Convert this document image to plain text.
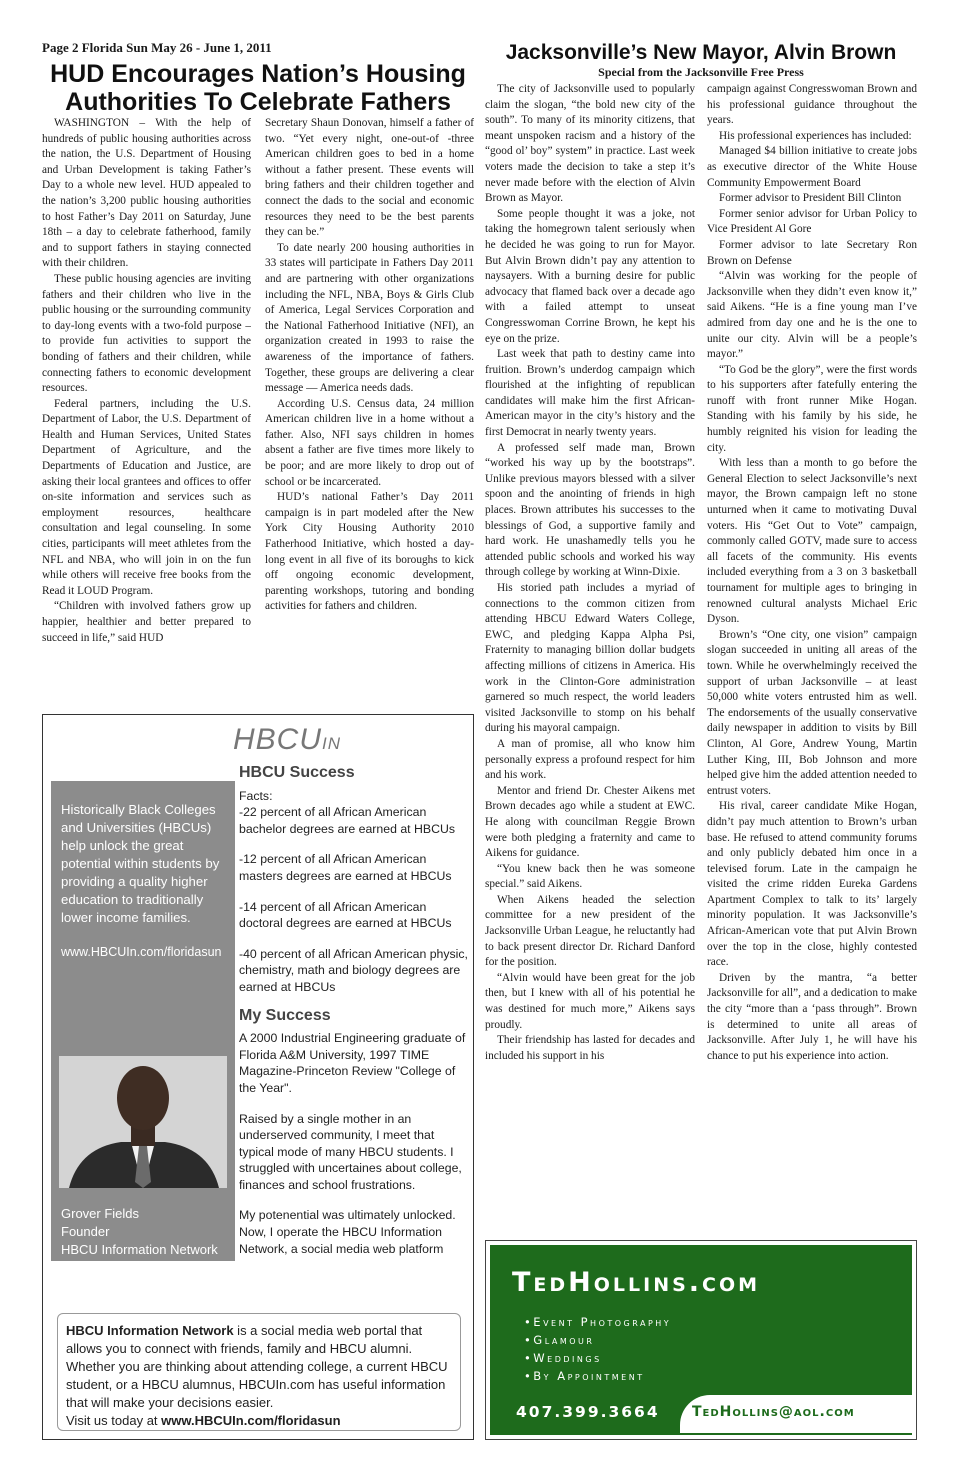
Page 2 Florida Sun May 26 - June 1, 2011
HUD Encourages Nation’s Housing Authorities To Celebrate Fathers

WASHINGTON – With the help of hundreds of public housing authorities across the nation, the U.S. Department of Housing and Urban Development is taking Father’s Day to a whole new level. HUD appealed to the nation’s 3,200 public housing authorities to host Father’s Day 2011 on Saturday, June 18th – a day to celebrate fatherhood, family and to support fathers in staying connected with their children.

These public housing agencies are inviting fathers and their children who live in the public housing or the surrounding community to day-long events with a two-fold purpose – to provide fun activities to support the bonding of fathers and their children, while connecting fathers to economic development resources.

Federal partners, including the U.S. Department of Labor, the U.S. Department of Health and Human Services, United States Department of Agriculture, and the Departments of Education and Justice, are asking their local grantees and offices to offer on-site information and services such as employment resources, healthcare consultation and legal counseling. In some cities, participants will meet athletes from the NFL and NBA, who will join in on the fun while others will receive free books from the Read it LOUD Program.

“Children with involved fathers grow up happier, healthier and better prepared to succeed in life,” said HUD

Secretary Shaun Donovan, himself a father of two. “Yet every night, one-out-of -three American children goes to bed in a home without a father present. These events will bring fathers and their children together and connect the dads to the social and economic resources they need to be the best parents they can be.”

To date nearly 200 housing authorities in 33 states will participate in Fathers Day 2011 and are partnering with other organizations including the NFL, NBA, Boys & Girls Club of America, Legal Services Corporation and the National Fatherhood Initiative (NFI), an organization created in 1993 to raise the awareness of the importance of fathers. Together, these groups are delivering a clear message — America needs dads.

According U.S. Census data, 24 million American children live in a home without a father. Also, NFI says children in homes absent a father are five times more likely to be poor; and are more likely to drop out of school or be incarcerated.

HUD’s national Father’s Day 2011 campaign is in part modeled after the New York City Housing Authority 2010 Fatherhood Initiative, which hosted a day-long event in all five of its boroughs to kick off ongoing economic development, parenting workshops, tutoring and bonding activities for fathers and children.

Jacksonville’s New Mayor, Alvin Brown
Special from the Jacksonville Free Press

The city of Jacksonville used to popularly claim the slogan, “the bold new city of the south”. To many of its minority citizens, that meant unspoken racism and a history of the “good ol’ boy” system” in practice. Last week voters made the decision to take a step it’s never made before with the election of Alvin Brown as Mayor.

Some people thought it was a joke, not taking the homegrown talent seriously when he decided he was going to run for Mayor. But Alvin Brown didn’t pay any attention to naysayers. With a burning desire for public advocacy that flamed back over a decade ago with a failed attempt to unseat Congresswoman Corrine Brown, he kept his eye on the prize.

Last week that path to destiny came into fruition. Brown’s underdog campaign which flourished at the infighting of republican candidates will make him the first African-American mayor in the city’s history and the first Democrat in nearly twenty years.

A professed self made man, Brown “worked his way up by the bootstraps”. Unlike previous mayors blessed with a silver spoon and the anointing of friends in high places. Brown attributes his successes to the blessings of God, a supportive family and hard work. He unashamedly tells you he attended public schools and worked his way through college by working at Winn-Dixie.

His storied path includes a myriad of connections to the common citizen from attending HBCU Edward Waters College, EWC, and pledging Kappa Alpha Psi, Fraternity to managing billion dollar budgets affecting millions of citizens in America. His work in the Clinton-Gore administration garnered so much respect, the world leaders visited Jacksonville to stomp on his behalf during his mayoral campaign.

A man of promise, all who know him personally express a profound respect for him and his work.

Mentor and friend Dr. Chester Aikens met Brown decades ago while a student at EWC. He along with councilman Reggie Brown were both pledging a fraternity and came to Aikens for guidance.

“You knew back then he was someone special.” said Aikens.

When Aikens headed the selection committee for a new president of the Jacksonville Urban League, he reluctantly had to back present director Dr. Richard Danford for the position.

“Alvin would have been great for the job then, but I knew with all of his potential he was destined for much more,” Aikens says proudly.

Their friendship has lasted for decades and included his support in his

campaign against Congresswoman Brown and his professional guidance throughout the years.

His professional experiences has included:

Managed $4 billion initiative to create jobs as executive director of the White House Community Empowerment Board

Former advisor to President Bill Clinton

Former senior advisor for Urban Policy to Vice President Al Gore

Former advisor to late Secretary Ron Brown on Defense

“Alvin was working for the people of Jacksonville when they didn’t even know it,” said Aikens. “He is a fine young man I’ve admired from day one and he is the one to unite our city. Alvin will be a people’s mayor.”

“To God be the glory”, were the first words to his supporters after fatefully entering the runoff with front runner Mike Hogan. Standing with his family by his side, he humbly reignited his vision for leading the city.

With less than a month to go before the General Election to select Jacksonville’s next mayor, the Brown campaign left no stone unturned when it came to motivating Duval voters. His “Get Out to Vote” campaign, commonly called GOTV, made sure to access all facets of the community. His events included everything from a 3 on 3 basketball tournament for multiple ages to bringing in renowned cultural analysts Michael Eric Dyson.

Brown’s “One city, one vision” campaign slogan succeeded in uniting all areas of the town. While he overwhelmingly received the support of urban Jacksonville – at least 50,000 white voters entrusted him as well. The endorsements of the usually conservative daily newspaper in addition to visits by Bill Clinton, Al Gore, Andrew Young, Martin Luther King, III, Bob Johnson and more helped give him the added attention needed to entrust voters.

His rival, career candidate Mike Hogan, didn’t pay much attention to Brown’s urban base. He refused to attend community forums and only publicly debated him once in a televised forum. Late in the campaign he visited the crime ridden Eureka Gardens Apartment Complex to talk to its’ largely minority population. It was Jacksonville’s African-American vote that put Alvin Brown over the top in the close, highly contested race.

Driven by the mantra, “a better Jacksonville for all”, and a dedication to make the city “more than a ‘pass through”. Brown is determined to unite all areas of Jacksonville. After July 1, he will have his chance to put his experience into action.

HBCUIN
Historically Black Colleges and Universities (HBCUs) help unlock the great potential within students by providing a quality higher education to traditionally lower income families.
www.HBCUIn.com/floridasun
Grover Fields
Founder
HBCU Information Network
HBCU Success
Facts:
-22 percent of all African American bachelor degrees are earned at HBCUs
-12 percent of all African American masters degrees are earned at HBCUs
-14 percent of all African American doctoral degrees are earned at HBCUs
-40 percent of all African American physic, chemistry, math and biology degrees are earned at HBCUs
My Success
A 2000 Industrial Engineering graduate of Florida A&M University, 1997 TIME Magazine-Princeton Review "College of the Year".
Raised by a single mother in an underserved community, I meet that typical mode of many HBCU students. I struggled with uncertaines about college, finances and school frustrations.
My potenential was ultimately unlocked. Now, I operate the HBCU Information Network, a social media web platform
HBCU Information Network is a social media web portal that allows you to connect with friends, family and HBCU alumni. Whether you are thinking about attending college, a current HBCU student, or a HBCU alumnus, HBCUIn.com has useful information that will make your decisions easier.
Visit us today at www.HBCUIn.com/floridasun
TedHollins.com
• Event Photography
• Glamour
• Weddings
• By Appointment
407.399.3664 TedHollins@aol.com
